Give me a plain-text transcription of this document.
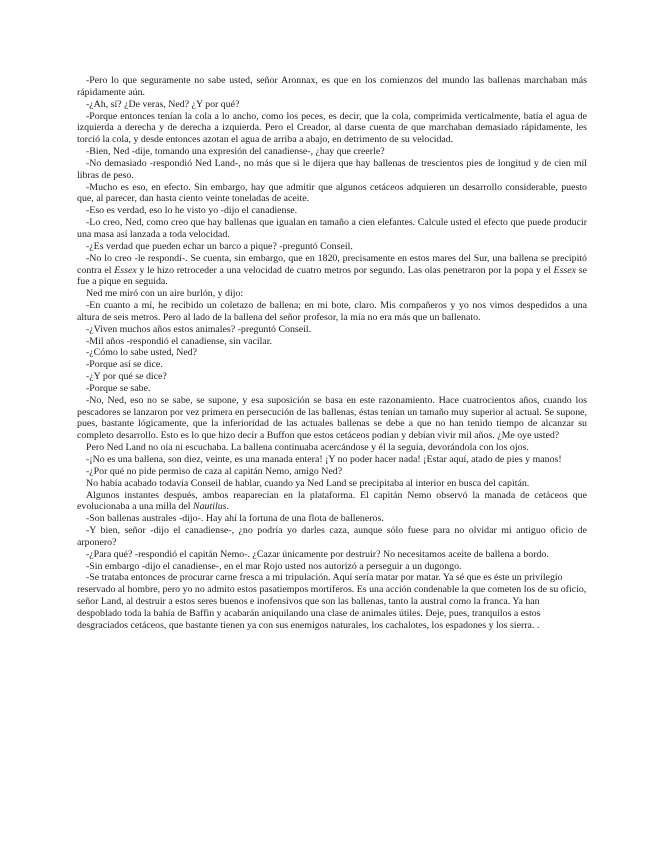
-Pero lo que seguramente no sabe usted, señor Aronnax, es que en los comienzos del mundo las ballenas marchaban más rápidamente aún.

-¿Ah, sí? ¿De veras, Ned? ¿Y por qué?

-Porque entonces tenían la cola a lo ancho, como los peces, es decir, que la cola, comprimida verticalmente, batía el agua de izquierda a derecha y de derecha a izquierda. Pero el Creador, al darse cuenta de que marchaban demasiado rápidamente, les torció la cola, y desde entonces azotan el agua de arriba a abajo, en detrimento de su velocidad.

-Bien, Ned -dije, tomando una expresión del canadiense-, ¿hay que creerle?

-No demasiado -respondió Ned Land-, no más que si le dijera que hay ballenas de trescientos pies de longitud y de cien mil libras de peso.

-Mucho es eso, en efecto. Sin embargo, hay que admitir que algunos cetáceos adquieren un desarrollo considerable, puesto que, al parecer, dan hasta ciento veinte toneladas de aceite.

-Eso es verdad, eso lo he visto yo -dijo el canadiense.

-Lo creo, Ned, como creo que hay ballenas que igualan en tamaño a cien elefantes. Calcule usted el efecto que puede producir una masa así lanzada a toda velocidad.

-¿Es verdad que pueden echar un barco a pique? -preguntó Conseil.

-No lo creo -le respondí-. Se cuenta, sin embargo, que en 1820, precisamente en estos mares del Sur, una ballena se precipitó contra el Essex y le hizo retroceder a una velocidad de cuatro metros por segundo. Las olas penetraron por la popa y el Essex se fue a pique en seguida.

Ned me miró con un aire burlón, y dijo:

-En cuanto a mí, he recibido un coletazo de ballena; en mi bote, claro. Mis compañeros y yo nos vimos despedidos a una altura de seis metros. Pero al lado de la ballena del señor profesor, la mía no era más que un ballenato.

-¿Viven muchos años estos animales? -preguntó Conseil.

-Mil años -respondió el canadiense, sin vacilar.

-¿Cómo lo sabe usted, Ned?

-Porque así se dice.

-¿Y por qué se dice?

-Porque se sabe.

-No, Ned, eso no se sabe, se supone, y esa suposición se basa en este razonamiento. Hace cuatrocientos años, cuando los pescadores se lanzaron por vez primera en persecución de las ballenas, éstas tenían un tamaño muy superior al actual. Se supone, pues, bastante lógicamente, que la inferioridad de las actuales ballenas se debe a que no han tenido tiempo de alcanzar su completo desarrollo. Esto es lo que hizo decir a Buffon que estos cetáceos podían y debían vivir mil años. ¿Me oye usted?

Pero Ned Land no oía ni escuchaba. La ballena continuaba acercándose y él la seguía, devorándola con los ojos.

-¡No es una ballena, son diez, veinte, es una manada entera! ¡Y no poder hacer nada! ¡Estar aquí, atado de pies y manos!

-¿Por qué no pide permiso de caza al capitán Nemo, amigo Ned?

No había acabado todavía Conseil de hablar, cuando ya Ned Land se precipitaba al interior en busca del capitán.

Algunos instantes después, ambos reaparecían en la plataforma. El capitán Nemo observó la manada de cetáceos que evolucionaba a una milla del Nautilus.

-Son ballenas australes -dijo-. Hay ahí la fortuna de una flota de balleneros.

-Y bien, señor -dijo el canadiense-, ¿no podría yo darles caza, aunque sólo fuese para no olvidar mi antiguo oficio de arponero?

-¿Para qué? -respondió el capitán Nemo-. ¿Cazar únicamente por destruir? No necesitamos aceite de ballena a bordo.

-Sin embargo -dijo el canadiense-, en el mar Rojo usted nos autorizó a perseguir a un dugongo.

-Se trataba entonces de procurar carne fresca a mi tripulación. Aquí sería matar por matar. Ya sé que es éste un privilegio reservado al hombre, pero yo no admito estos pasatiempos mortíferos. Es una acción condenable la que cometen los de su oficio, señor Land, al destruir a estos seres buenos e inofensivos que son las ballenas, tanto la austral como la franca. Ya han despoblado toda la bahía de Baffin y acabarán aniquilando una clase de animales útiles. Deje, pues, tranquilos a estos desgraciados cetáceos, que bastante tienen ya con sus enemigos naturales, los cachalotes, los espadones y los sierra. .
